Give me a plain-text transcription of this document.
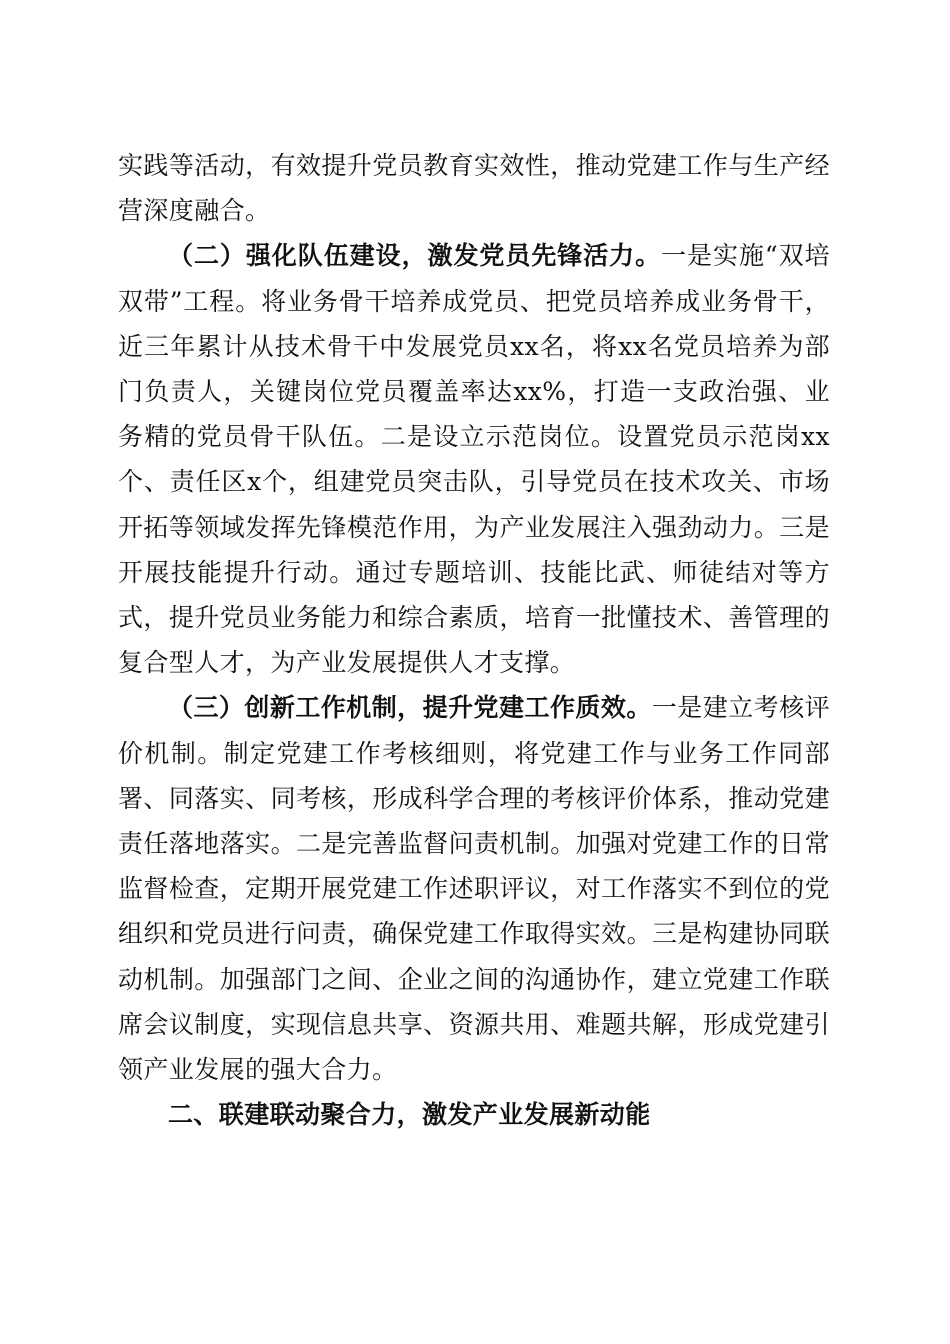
实践等活动，有效提升党员教育实效性，推动党建工作与生产经营深度融合。

（二）强化队伍建设，激发党员先锋活力。一是实施“双培双带”工程。将业务骨干培养成党员、把党员培养成业务骨干，近三年累计从技术骨干中发展党员xx名，将xx名党员培养为部门负责人，关键岗位党员覆盖率达xx%，打造一支政治强、业务精的党员骨干队伍。二是设立示范岗位。设置党员示范岗xx个、责任区x个，组建党员突击队，引导党员在技术攻关、市场开拓等领域发挥先锋模范作用，为产业发展注入强劲动力。三是开展技能提升行动。通过专题培训、技能比武、师徒结对等方式，提升党员业务能力和综合素质，培育一批懂技术、善管理的复合型人才，为产业发展提供人才支撑。

（三）创新工作机制，提升党建工作质效。一是建立考核评价机制。制定党建工作考核细则，将党建工作与业务工作同部署、同落实、同考核，形成科学合理的考核评价体系，推动党建责任落地落实。二是完善监督问责机制。加强对党建工作的日常监督检查，定期开展党建工作述职评议，对工作落实不到位的党组织和党员进行问责，确保党建工作取得实效。三是构建协同联动机制。加强部门之间、企业之间的沟通协作，建立党建工作联席会议制度，实现信息共享、资源共用、难题共解，形成党建引领产业发展的强大合力。

二、联建联动聚合力，激发产业发展新动能
